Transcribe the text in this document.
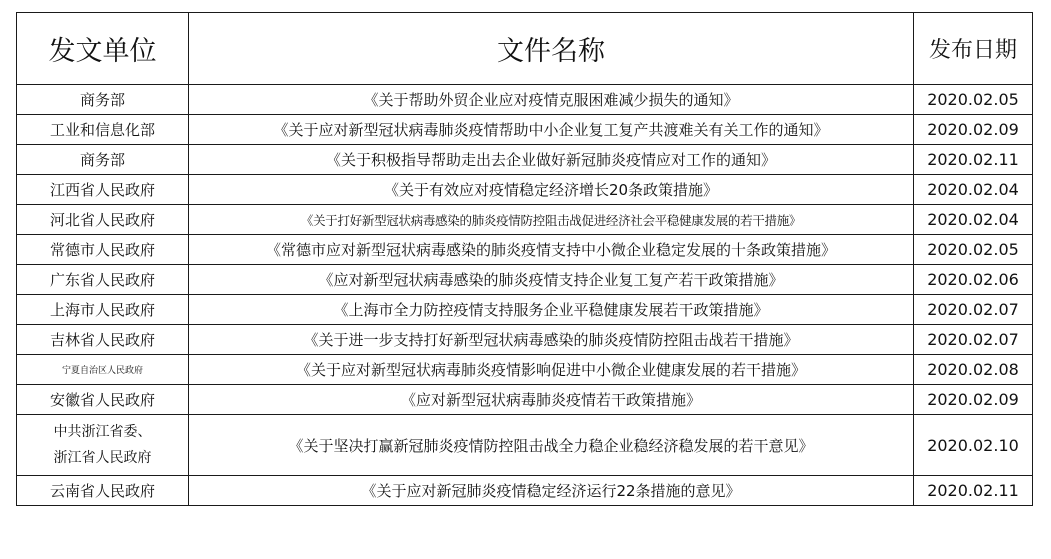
发文单位	文件名称	发布日期
商务部	《关于帮助外贸企业应对疫情克服困难减少损失的通知》	2020.02.05
工业和信息化部	《关于应对新型冠状病毒肺炎疫情帮助中小企业复工复产共渡难关有关工作的通知》	2020.02.09
商务部	《关于积极指导帮助走出去企业做好新冠肺炎疫情应对工作的通知》	2020.02.11
江西省人民政府	《关于有效应对疫情稳定经济增长20条政策措施》	2020.02.04
河北省人民政府	《关于打好新型冠状病毒感染的肺炎疫情防控阻击战促进经济社会平稳健康发展的若干措施》	2020.02.04
常德市人民政府	《常德市应对新型冠状病毒感染的肺炎疫情支持中小微企业稳定发展的十条政策措施》	2020.02.05
广东省人民政府	《应对新型冠状病毒感染的肺炎疫情支持企业复工复产若干政策措施》	2020.02.06
上海市人民政府	《上海市全力防控疫情支持服务企业平稳健康发展若干政策措施》	2020.02.07
吉林省人民政府	《关于进一步支持打好新型冠状病毒感染的肺炎疫情防控阻击战若干措施》	2020.02.07
宁夏自治区人民政府	《关于应对新型冠状病毒肺炎疫情影响促进中小微企业健康发展的若干措施》	2020.02.08
安徽省人民政府	《应对新型冠状病毒肺炎疫情若干政策措施》	2020.02.09

中共浙江省委、
浙江省人民政府	《关于坚决打赢新冠肺炎疫情防控阻击战全力稳企业稳经济稳发展的若干意见》	2020.02.10
云南省人民政府	《关于应对新冠肺炎疫情稳定经济运行22条措施的意见》	2020.02.11
